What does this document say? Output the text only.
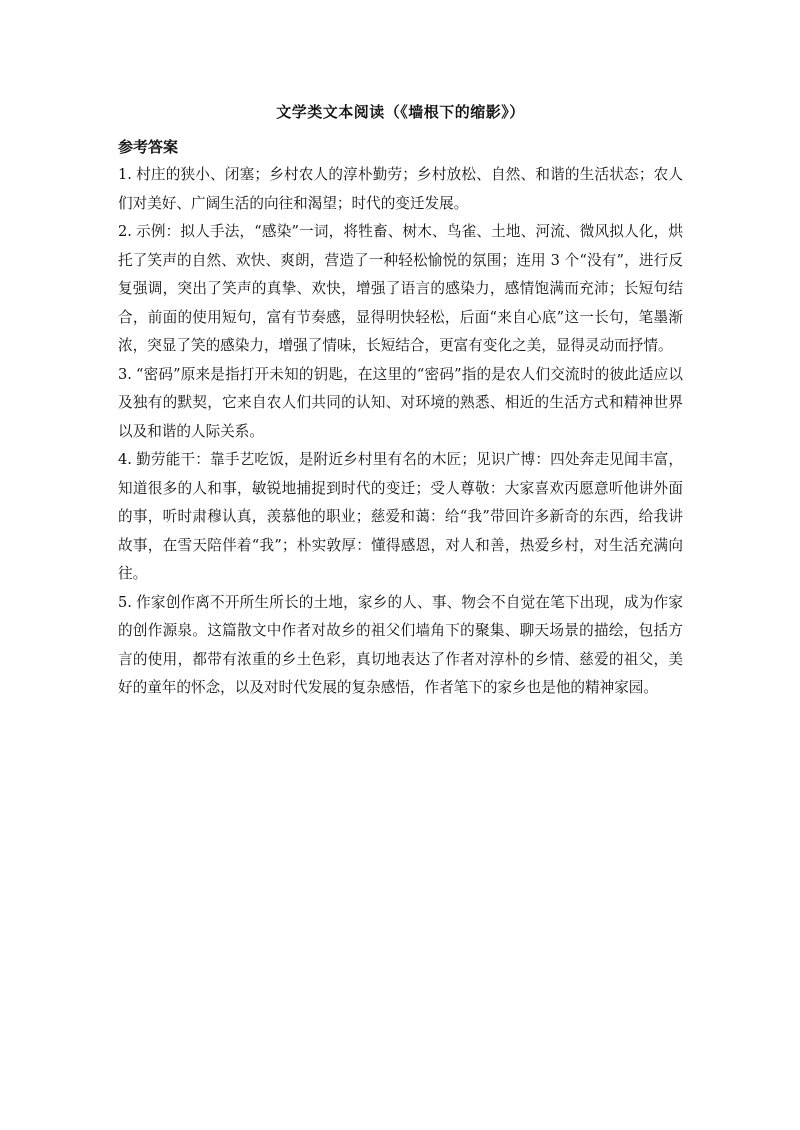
文学类文本阅读（《墙根下的缩影》）
参考答案

1. 村庄的狭小、闭塞；乡村农人的淳朴勤劳；乡村放松、自然、和谐的生活状态；农人们对美好、广阔生活的向往和渴望；时代的变迁发展。

2. 示例：拟人手法，“感染”一词，将牲畜、树木、鸟雀、土地、河流、微风拟人化，烘托了笑声的自然、欢快、爽朗，营造了一种轻松愉悦的氛围；连用 3 个“没有”，进行反复强调，突出了笑声的真挚、欢快，增强了语言的感染力，感情饱满而充沛；长短句结合，前面的使用短句，富有节奏感，显得明快轻松，后面“来自心底”这一长句，笔墨渐浓，突显了笑的感染力，增强了情味，长短结合，更富有变化之美，显得灵动而抒情。

3. “密码”原来是指打开未知的钥匙，在这里的“密码”指的是农人们交流时的彼此适应以及独有的默契，它来自农人们共同的认知、对环境的熟悉、相近的生活方式和精神世界以及和谐的人际关系。

4. 勤劳能干：靠手艺吃饭，是附近乡村里有名的木匠；见识广博：四处奔走见闻丰富，知道很多的人和事，敏锐地捕捉到时代的变迁；受人尊敬：大家喜欢丙愿意听他讲外面的事，听时肃穆认真，羡慕他的职业；慈爱和蔼：给“我”带回许多新奇的东西，给我讲故事，在雪天陪伴着“我”；朴实敦厚：懂得感恩，对人和善，热爱乡村，对生活充满向往。

5. 作家创作离不开所生所长的土地，家乡的人、事、物会不自觉在笔下出现，成为作家的创作源泉。这篇散文中作者对故乡的祖父们墙角下的聚集、聊天场景的描绘，包括方言的使用，都带有浓重的乡土色彩，真切地表达了作者对淳朴的乡情、慈爱的祖父，美好的童年的怀念，以及对时代发展的复杂感悟，作者笔下的家乡也是他的精神家园。
